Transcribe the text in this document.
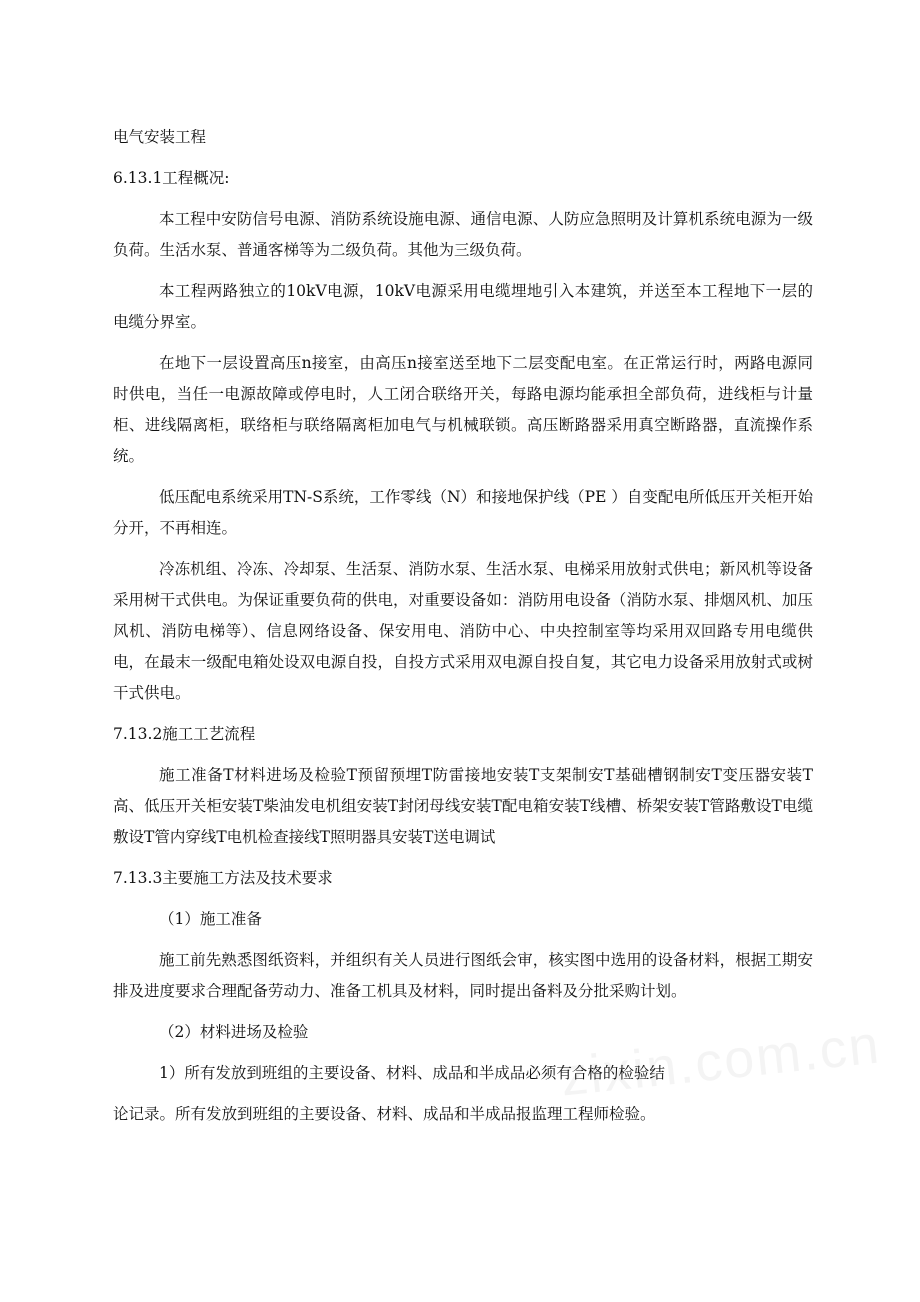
电气安装工程

6.13.1工程概况:

本工程中安防信号电源、消防系统设施电源、通信电源、人防应急照明及计算机系统电源为一级负荷。生活水泵、普通客梯等为二级负荷。其他为三级负荷。

本工程两路独立的10kV电源，10kV电源采用电缆埋地引入本建筑，并送至本工程地下一层的电缆分界室。

在地下一层设置高压n接室，由高压n接室送至地下二层变配电室。在正常运行时，两路电源同时供电，当任一电源故障或停电时，人工闭合联络开关，每路电源均能承担全部负荷，进线柜与计量柜、进线隔离柜，联络柜与联络隔离柜加电气与机械联锁。高压断路器采用真空断路器，直流操作系统。

低压配电系统采用TN-S系统，工作零线（N）和接地保护线（PE ）自变配电所低压开关柜开始分开，不再相连。

冷冻机组、冷冻、冷却泵、生活泵、消防水泵、生活水泵、电梯采用放射式供电；新风机等设备采用树干式供电。为保证重要负荷的供电，对重要设备如：消防用电设备（消防水泵、排烟风机、加压风机、消防电梯等）、信息网络设备、保安用电、消防中心、中央控制室等均采用双回路专用电缆供电，在最末一级配电箱处设双电源自投，自投方式采用双电源自投自复，其它电力设备采用放射式或树干式供电。

7.13.2施工工艺流程

施工准备T材料进场及检验T预留预埋T防雷接地安装T支架制安T基础槽钢制安T变压器安装T高、低压开关柜安装T柴油发电机组安装T封闭母线安装T配电箱安装T线槽、桥架安装T管路敷设T电缆敷设T管内穿线T电机检查接线T照明器具安装T送电调试

7.13.3主要施工方法及技术要求

（1）施工准备

施工前先熟悉图纸资料，并组织有关人员进行图纸会审，核实图中选用的设备材料，根据工期安排及进度要求合理配备劳动力、准备工机具及材料，同时提出备料及分批采购计划。

（2）材料进场及检验

1）所有发放到班组的主要设备、材料、成品和半成品必须有合格的检验结

论记录。所有发放到班组的主要设备、材料、成品和半成品报监理工程师检验。
